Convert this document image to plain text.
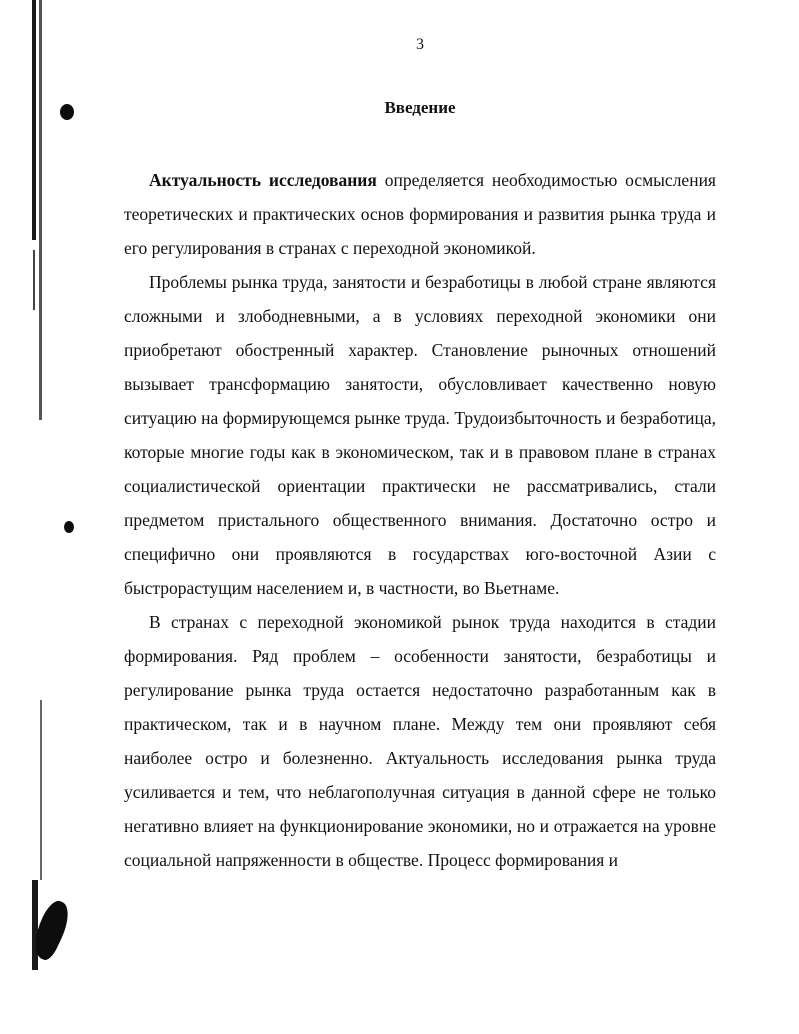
3
Введение

Актуальность исследования определяется необходимостью осмысления теоретических и практических основ формирования и развития рынка труда и его регулирования в странах с переходной экономикой.

Проблемы рынка труда, занятости и безработицы в любой стране являются сложными и злободневными, а в условиях переходной экономики они приобретают обостренный характер. Становление рыночных отношений вызывает трансформацию занятости, обусловливает качественно новую ситуацию на формирующемся рынке труда. Трудоизбыточность и безработица, которые многие годы как в экономическом, так и в правовом плане в странах социалистической ориентации практически не рассматривались, стали предметом пристального общественного внимания. Достаточно остро и специфично они проявляются в государствах юго-восточной Азии с быстрорастущим населением и, в частности, во Вьетнаме.

В странах с переходной экономикой рынок труда находится в стадии формирования. Ряд проблем – особенности занятости, безработицы и регулирование рынка труда остается недостаточно разработанным как в практическом, так и в научном плане. Между тем они проявляют себя наиболее остро и болезненно. Актуальность исследования рынка труда усиливается и тем, что неблагополучная ситуация в данной сфере не только негативно влияет на функционирование экономики, но и отражается на уровне социальной напряженности в обществе. Процесс формирования и
